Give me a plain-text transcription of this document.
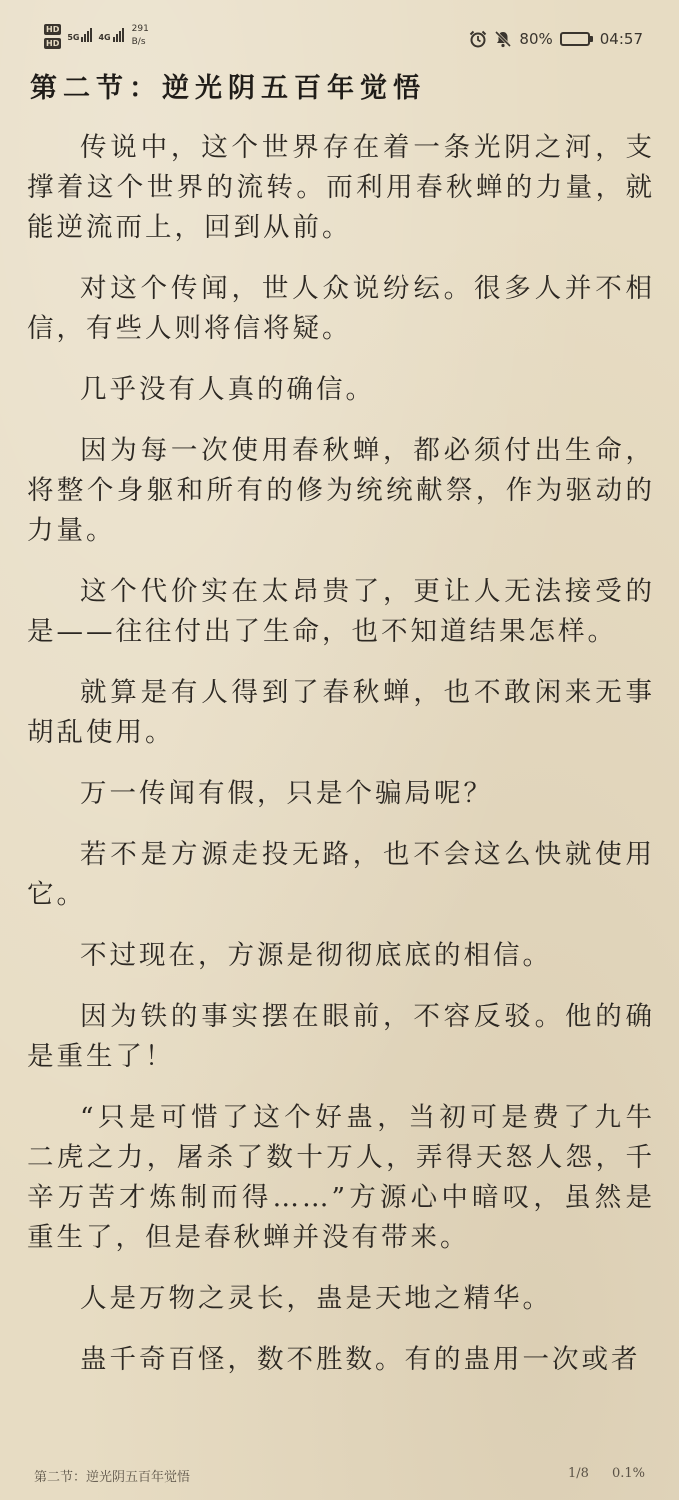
HD
HD
5G 4G
291
B/s	80%	04:57
第二节：逆光阴五百年觉悟

传说中，这个世界存在着一条光阴之河，支撑着这个世界的流转。而利用春秋蝉的力量，就能逆流而上，回到从前。

对这个传闻，世人众说纷纭。很多人并不相信，有些人则将信将疑。

几乎没有人真的确信。

因为每一次使用春秋蝉，都必须付出生命，将整个身躯和所有的修为统统献祭，作为驱动的力量。

这个代价实在太昂贵了，更让人无法接受的是——往往付出了生命，也不知道结果怎样。

就算是有人得到了春秋蝉，也不敢闲来无事胡乱使用。

万一传闻有假，只是个骗局呢？

若不是方源走投无路，也不会这么快就使用它。

不过现在，方源是彻彻底底的相信。

因为铁的事实摆在眼前，不容反驳。他的确是重生了！

“只是可惜了这个好蛊，当初可是费了九牛二虎之力，屠杀了数十万人，弄得天怒人怨，千辛万苦才炼制而得……”方源心中暗叹，虽然是重生了，但是春秋蝉并没有带来。

人是万物之灵长，蛊是天地之精华。

蛊千奇百怪，数不胜数。有的蛊用一次或者

第二节：逆光阴五百年觉悟	1/8 0.1%
